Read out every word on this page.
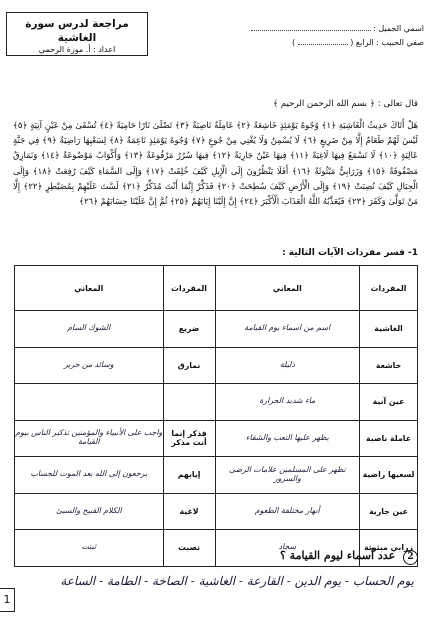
مراجعة لدرس سورة الغاشية
اعداد : أ. موزة الرحمي
اسمي الجميل :
صفي الحبيب : الرابع (  )
قال تعالى : ﴿ بسم الله الرحمن الرحيم ﴾
هَلْ أَتَاكَ حَدِيثُ الْغَاشِيَةِ ﴿١﴾ وُجُوهٌ يَوْمَئِذٍ خَاشِعَةٌ ﴿٢﴾ عَامِلَةٌ نَاصِبَةٌ ﴿٣﴾ تَصْلَىٰ نَارًا حَامِيَةً ﴿٤﴾ تُسْقَىٰ مِنْ عَيْنٍ آنِيَةٍ ﴿٥﴾ لَيْسَ لَهُمْ طَعَامٌ إِلَّا مِنْ ضَرِيعٍ ﴿٦﴾ لَا يُسْمِنُ وَلَا يُغْنِي مِنْ جُوعٍ ﴿٧﴾ وُجُوهٌ يَوْمَئِذٍ نَاعِمَةٌ ﴿٨﴾ لِسَعْيِهَا رَاضِيَةٌ ﴿٩﴾ فِي جَنَّةٍ عَالِيَةٍ ﴿١٠﴾ لَا تَسْمَعُ فِيهَا لَاغِيَةً ﴿١١﴾ فِيهَا عَيْنٌ جَارِيَةٌ ﴿١٢﴾ فِيهَا سُرُرٌ مَرْفُوعَةٌ ﴿١٣﴾ وَأَكْوَابٌ مَوْضُوعَةٌ ﴿١٤﴾ وَنَمَارِقُ مَصْفُوفَةٌ ﴿١٥﴾ وَزَرَابِيُّ مَبْثُوثَةٌ ﴿١٦﴾ أَفَلَا يَنْظُرُونَ إِلَى الْإِبِلِ كَيْفَ خُلِقَتْ ﴿١٧﴾ وَإِلَى السَّمَاءِ كَيْفَ رُفِعَتْ ﴿١٨﴾ وَإِلَى الْجِبَالِ كَيْفَ نُصِبَتْ ﴿١٩﴾ وَإِلَى الْأَرْضِ كَيْفَ سُطِحَتْ ﴿٢٠﴾ فَذَكِّرْ إِنَّمَا أَنْتَ مُذَكِّرٌ ﴿٢١﴾ لَسْتَ عَلَيْهِمْ بِمُصَيْطِرٍ ﴿٢٢﴾ إِلَّا مَنْ تَوَلَّىٰ وَكَفَرَ ﴿٢٣﴾ فَيُعَذِّبُهُ اللَّهُ الْعَذَابَ الْأَكْبَرَ ﴿٢٤﴾ إِنَّ إِلَيْنَا إِيَابَهُمْ ﴿٢٥﴾ ثُمَّ إِنَّ عَلَيْنَا حِسَابَهُمْ ﴿٢٦﴾
1- فسر مفردات الآيات التالية :
المفردات	المعاني	المفردات	المعاني
الغاشية	اسم من اسماء يوم القيامة	ضريع	الشوك السام
خاشعة	ذليلة	نمارق	وسائد من حرير
عين آنية	ماء شديد الحرارة		
عاملة ناصبة	يظهر عليها التعب والشقاء	فذكر إنما أنت مذكر	واجب على الأنبياء والمؤمنين تذكير الناس بيوم القيامة
لسعيها راضية	تظهر على المسلمين علامات الرضى والسرور	إيابهم	يرجعون إلى الله بعد الموت للحساب
عين جارية	أنهار مختلفة الطعوم	لاغية	الكلام القبيح والسيئ
زرابي مبثوثة	سجاد	نصبت	ثبتت
2 عدد أسماء ليوم القيامة ؟
يوم الحساب - يوم الدين - القارعة - الغاشية - الصاخة - الطامة - الساعة
1
